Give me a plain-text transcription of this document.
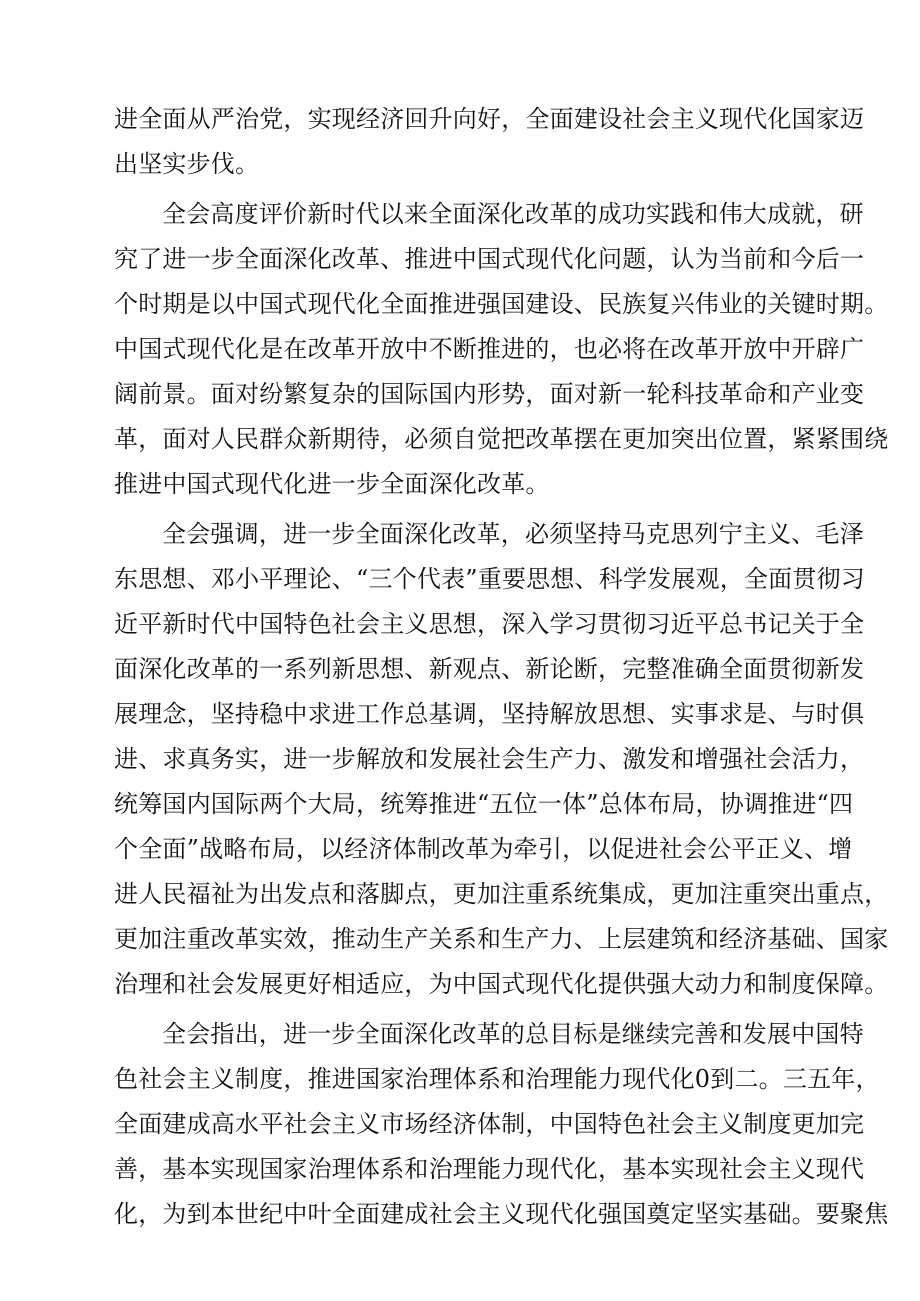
进全面从严治党，实现经济回升向好，全面建设社会主义现代化国家迈
出坚实步伐。
全会高度评价新时代以来全面深化改革的成功实践和伟大成就，研
究了进一步全面深化改革、推进中国式现代化问题，认为当前和今后一
个时期是以中国式现代化全面推进强国建设、民族复兴伟业的关键时期。
中国式现代化是在改革开放中不断推进的，也必将在改革开放中开辟广
阔前景。面对纷繁复杂的国际国内形势，面对新一轮科技革命和产业变
革，面对人民群众新期待，必须自觉把改革摆在更加突出位置，紧紧围绕
推进中国式现代化进一步全面深化改革。
全会强调，进一步全面深化改革，必须坚持马克思列宁主义、毛泽
东思想、邓小平理论、“三个代表”重要思想、科学发展观，全面贯彻习
近平新时代中国特色社会主义思想，深入学习贯彻习近平总书记关于全
面深化改革的一系列新思想、新观点、新论断，完整准确全面贯彻新发
展理念，坚持稳中求进工作总基调，坚持解放思想、实事求是、与时俱
进、求真务实，进一步解放和发展社会生产力、激发和增强社会活力，
统筹国内国际两个大局，统筹推进“五位一体”总体布局，协调推进“四
个全面”战略布局，以经济体制改革为牵引，以促进社会公平正义、增
进人民福祉为出发点和落脚点，更加注重系统集成，更加注重突出重点，
更加注重改革实效，推动生产关系和生产力、上层建筑和经济基础、国家
治理和社会发展更好相适应，为中国式现代化提供强大动力和制度保障。
全会指出，进一步全面深化改革的总目标是继续完善和发展中国特
色社会主义制度，推进国家治理体系和治理能力现代化0到二。三五年，
全面建成高水平社会主义市场经济体制，中国特色社会主义制度更加完
善，基本实现国家治理体系和治理能力现代化，基本实现社会主义现代
化，为到本世纪中叶全面建成社会主义现代化强国奠定坚实基础。要聚焦
